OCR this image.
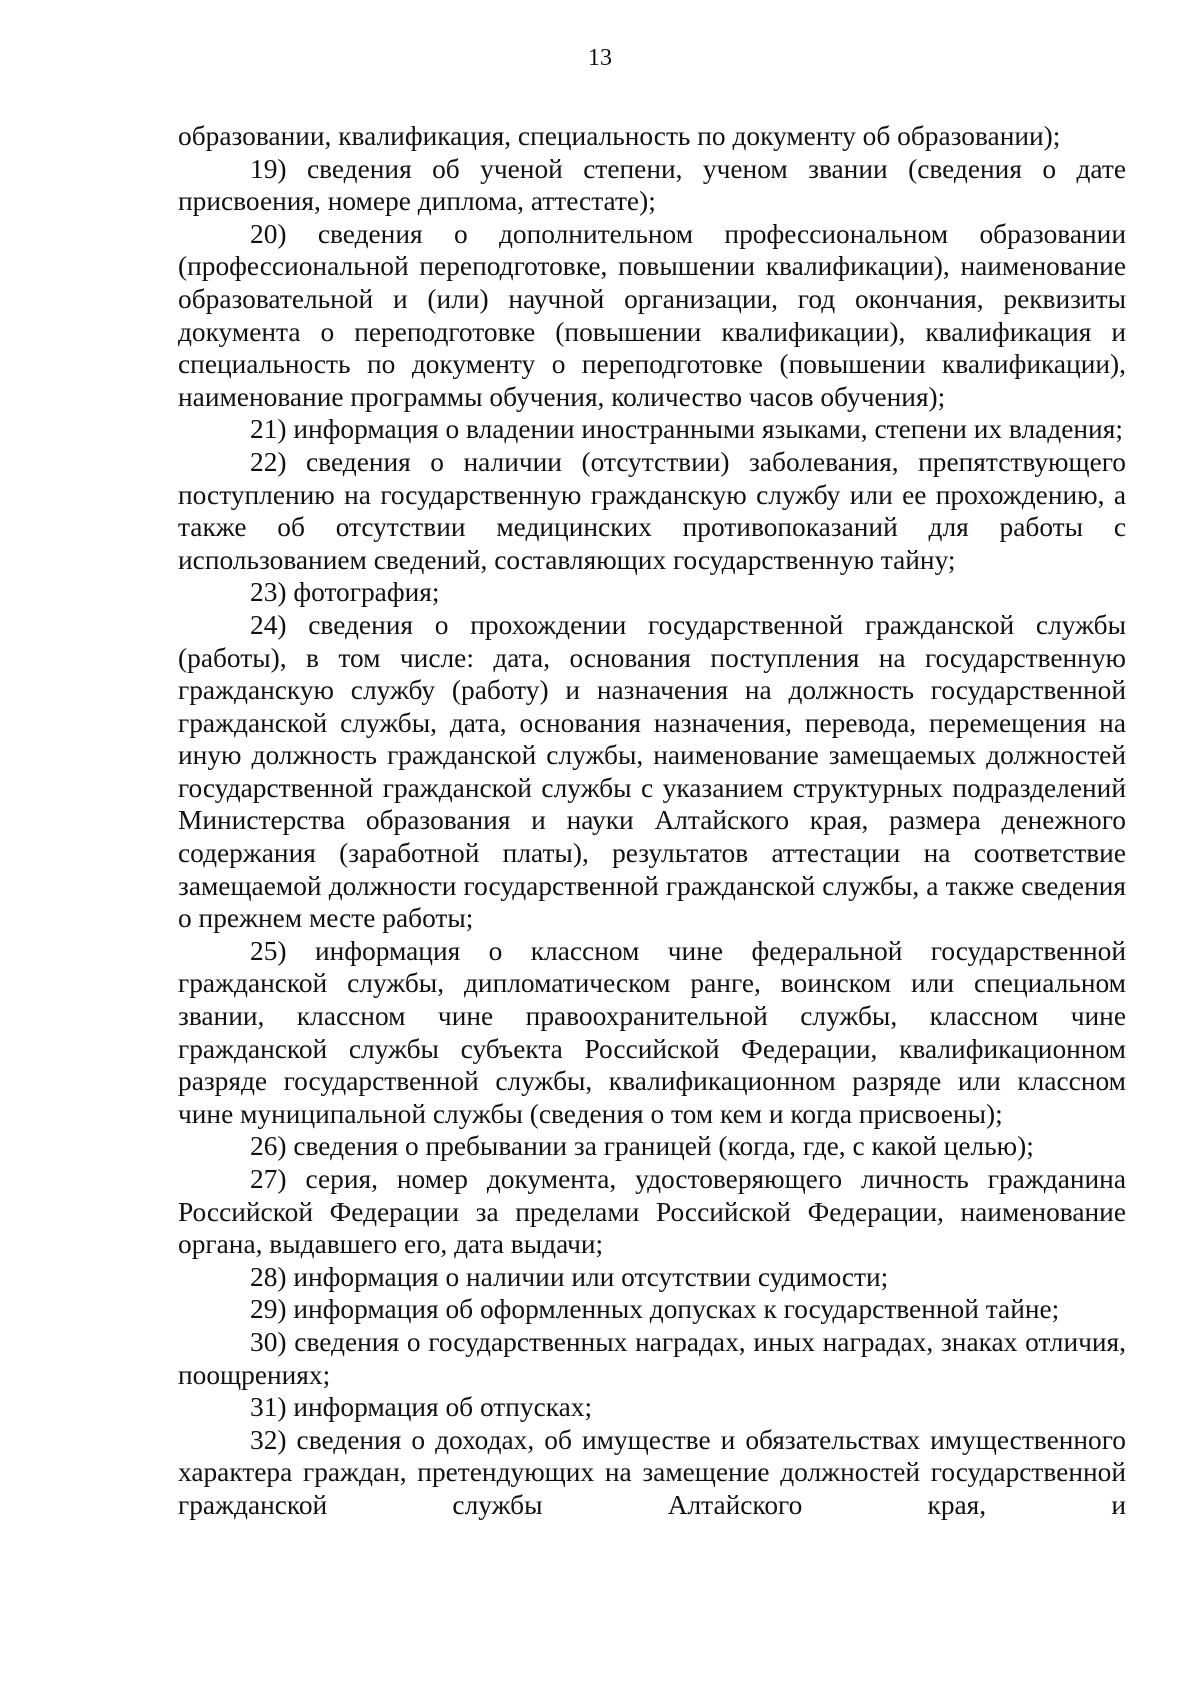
13

образовании, квалификация, специальность по документу об образовании);

19) сведения об ученой степени, ученом звании (сведения о дате присвоения, номере диплома, аттестате);

20) сведения о дополнительном профессиональном образовании (профессиональной переподготовке, повышении квалификации), наименование образовательной и (или) научной организации, год окончания, реквизиты документа о переподготовке (повышении квалификации), квалификация и специальность по документу о переподготовке (повышении квалификации), наименование программы обучения, количество часов обучения);

21) информация о владении иностранными языками, степени их владения;

22) сведения о наличии (отсутствии) заболевания, препятствующего поступлению на государственную гражданскую службу или ее прохождению, а также об отсутствии медицинских противопоказаний для работы с использованием сведений, составляющих государственную тайну;

23) фотография;

24) сведения о прохождении государственной гражданской службы (работы), в том числе: дата, основания поступления на государственную гражданскую службу (работу) и назначения на должность государственной гражданской службы, дата, основания назначения, перевода, перемещения на иную должность гражданской службы, наименование замещаемых должностей государственной гражданской службы с указанием структурных подразделений Министерства образования и науки Алтайского края, размера денежного содержания (заработной платы), результатов аттестации на соответствие замещаемой должности государственной гражданской службы, а также сведения о прежнем месте работы;

25) информация о классном чине федеральной государственной гражданской службы, дипломатическом ранге, воинском или специальном звании, классном чине правоохранительной службы, классном чине гражданской службы субъекта Российской Федерации, квалификационном разряде государственной службы, квалификационном разряде или классном чине муниципальной службы (сведения о том кем и когда присвоены);

26) сведения о пребывании за границей (когда, где, с какой целью);

27) серия, номер документа, удостоверяющего личность гражданина Российской Федерации за пределами Российской Федерации, наименование органа, выдавшего его, дата выдачи;

28) информация о наличии или отсутствии судимости;

29) информация об оформленных допусках к государственной тайне;

30) сведения о государственных наградах, иных наградах, знаках отличия, поощрениях;

31) информация об отпусках;

32) сведения о доходах, об имуществе и обязательствах имущественного характера граждан, претендующих на замещение должностей государственной гражданской службы Алтайского края, и
